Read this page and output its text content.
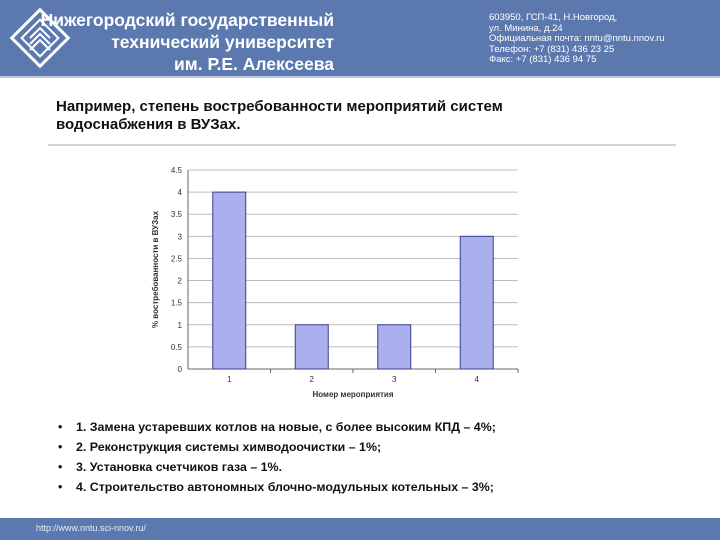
Нижегородский государственный
технический университет
им. Р.Е. Алексеева
603950, ГСП-41, Н.Новгород,
ул. Минина, д.24
Официальная почта: nntu@nntu.nnov.ru
Телефон: +7 (831) 436 23 25
Факс: +7 (831) 436 94 75
Например, степень востребованности мероприятий систем
водоснабжения в ВУЗах.
0
0.5
1
1.5
2
2.5
3
3.5
4
4.5
1	2	3	4
Номер мероприятия
% востребованности в ВУЗах
• 1. Замена устаревших котлов на новые, с более высоким КПД – 4%;
• 2. Реконструкция системы химводоочистки – 1%;
• 3. Установка счетчиков газа – 1%.
• 4. Строительство автономных блочно-модульных котельных – 3%;
http://www.nntu.sci-nnov.ru/
